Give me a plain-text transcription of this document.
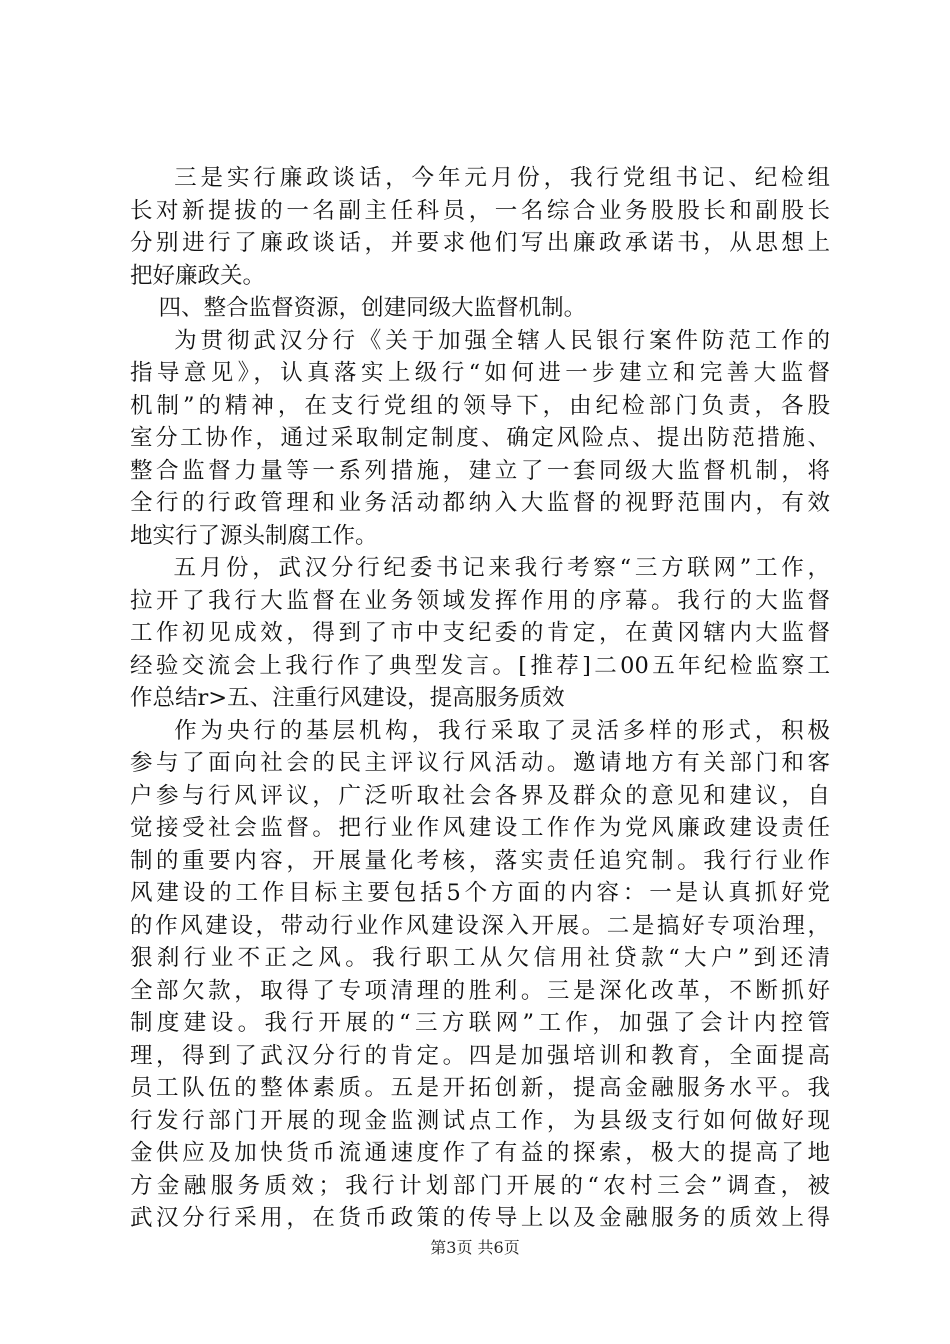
三是实行廉政谈话，今年元月份，我行党组书记、纪检组
长对新提拔的一名副主任科员，一名综合业务股股长和副股长
分别进行了廉政谈话，并要求他们写出廉政承诺书，从思想上
把好廉政关。
四、整合监督资源，创建同级大监督机制。
为贯彻武汉分行《关于加强全辖人民银行案件防范工作的
指导意见》，认真落实上级行“如何进一步建立和完善大监督
机制”的精神，在支行党组的领导下，由纪检部门负责，各股
室分工协作，通过采取制定制度、确定风险点、提出防范措施、
整合监督力量等一系列措施，建立了一套同级大监督机制，将
全行的行政管理和业务活动都纳入大监督的视野范围内，有效
地实行了源头制腐工作。
五月份，武汉分行纪委书记来我行考察“三方联网”工作，
拉开了我行大监督在业务领域发挥作用的序幕。我行的大监督
工作初见成效，得到了市中支纪委的肯定，在黄冈辖内大监督
经验交流会上我行作了典型发言。[推荐]二00五年纪检监察工
作总结r>五、注重行风建设，提高服务质效
作为央行的基层机构，我行采取了灵活多样的形式，积极
参与了面向社会的民主评议行风活动。邀请地方有关部门和客
户参与行风评议，广泛听取社会各界及群众的意见和建议，自
觉接受社会监督。把行业作风建设工作作为党风廉政建设责任
制的重要内容，开展量化考核，落实责任追究制。我行行业作
风建设的工作目标主要包括5个方面的内容：一是认真抓好党
的作风建设，带动行业作风建设深入开展。二是搞好专项治理，
狠刹行业不正之风。我行职工从欠信用社贷款“大户”到还清
全部欠款，取得了专项清理的胜利。三是深化改革，不断抓好
制度建设。我行开展的“三方联网”工作，加强了会计内控管
理，得到了武汉分行的肯定。四是加强培训和教育，全面提高
员工队伍的整体素质。五是开拓创新，提高金融服务水平。我
行发行部门开展的现金监测试点工作，为县级支行如何做好现
金供应及加快货币流通速度作了有益的探索，极大的提高了地
方金融服务质效；我行计划部门开展的“农村三会”调查，被
武汉分行采用，在货币政策的传导上以及金融服务的质效上得
第3页 共6页
